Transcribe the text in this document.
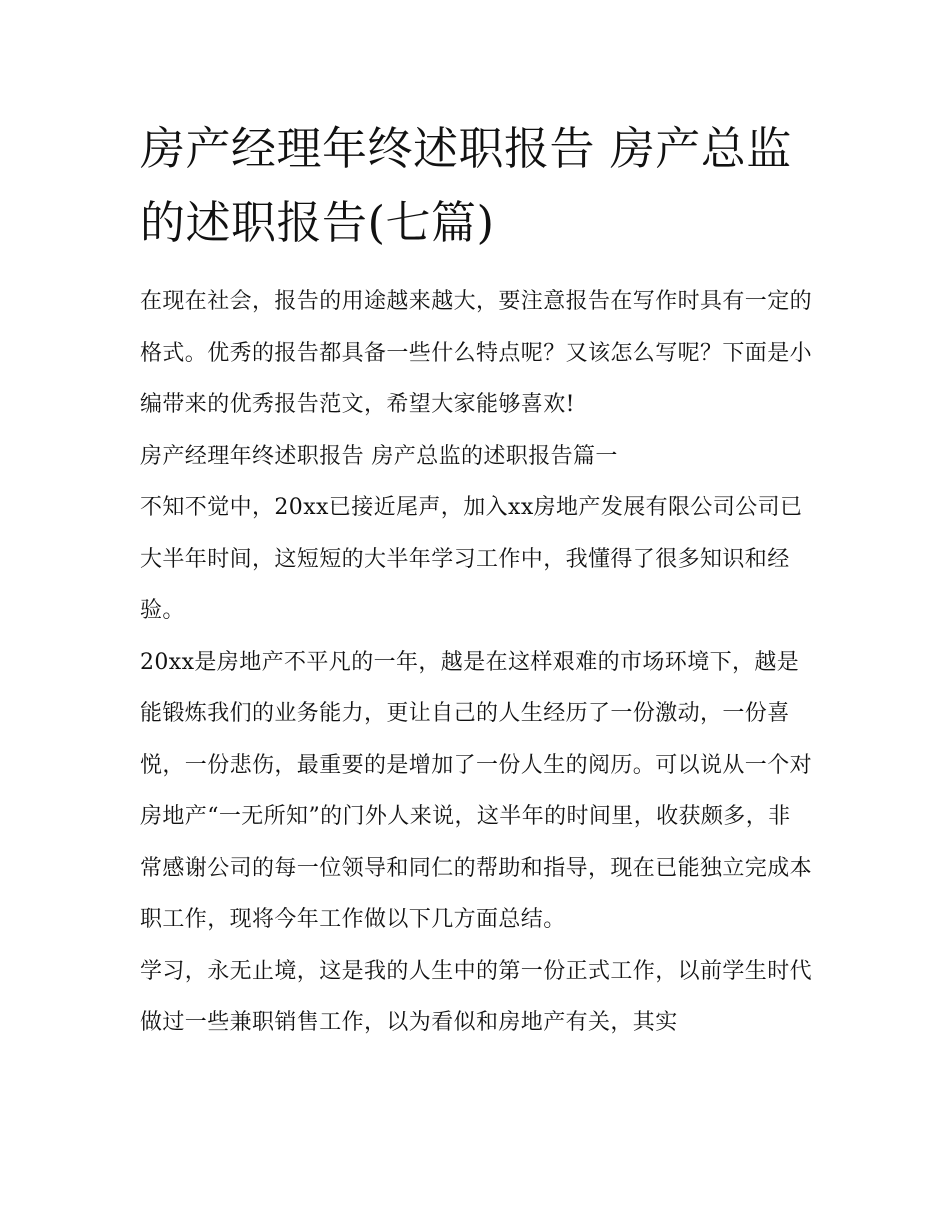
房产经理年终述职报告 房产总监的述职报告(七篇)

在现在社会，报告的用途越来越大，要注意报告在写作时具有一定的格式。优秀的报告都具备一些什么特点呢？又该怎么写呢？下面是小编带来的优秀报告范文，希望大家能够喜欢!

房产经理年终述职报告 房产总监的述职报告篇一

不知不觉中，20xx已接近尾声，加入xx房地产发展有限公司公司已大半年时间，这短短的大半年学习工作中，我懂得了很多知识和经验。

20xx是房地产不平凡的一年，越是在这样艰难的市场环境下，越是能锻炼我们的业务能力，更让自己的人生经历了一份激动，一份喜悦，一份悲伤，最重要的是增加了一份人生的阅历。可以说从一个对房地产“一无所知”的门外人来说，这半年的时间里，收获颇多，非常感谢公司的每一位领导和同仁的帮助和指导，现在已能独立完成本职工作，现将今年工作做以下几方面总结。

学习，永无止境，这是我的人生中的第一份正式工作，以前学生时代做过一些兼职销售工作，以为看似和房地产有关，其实
